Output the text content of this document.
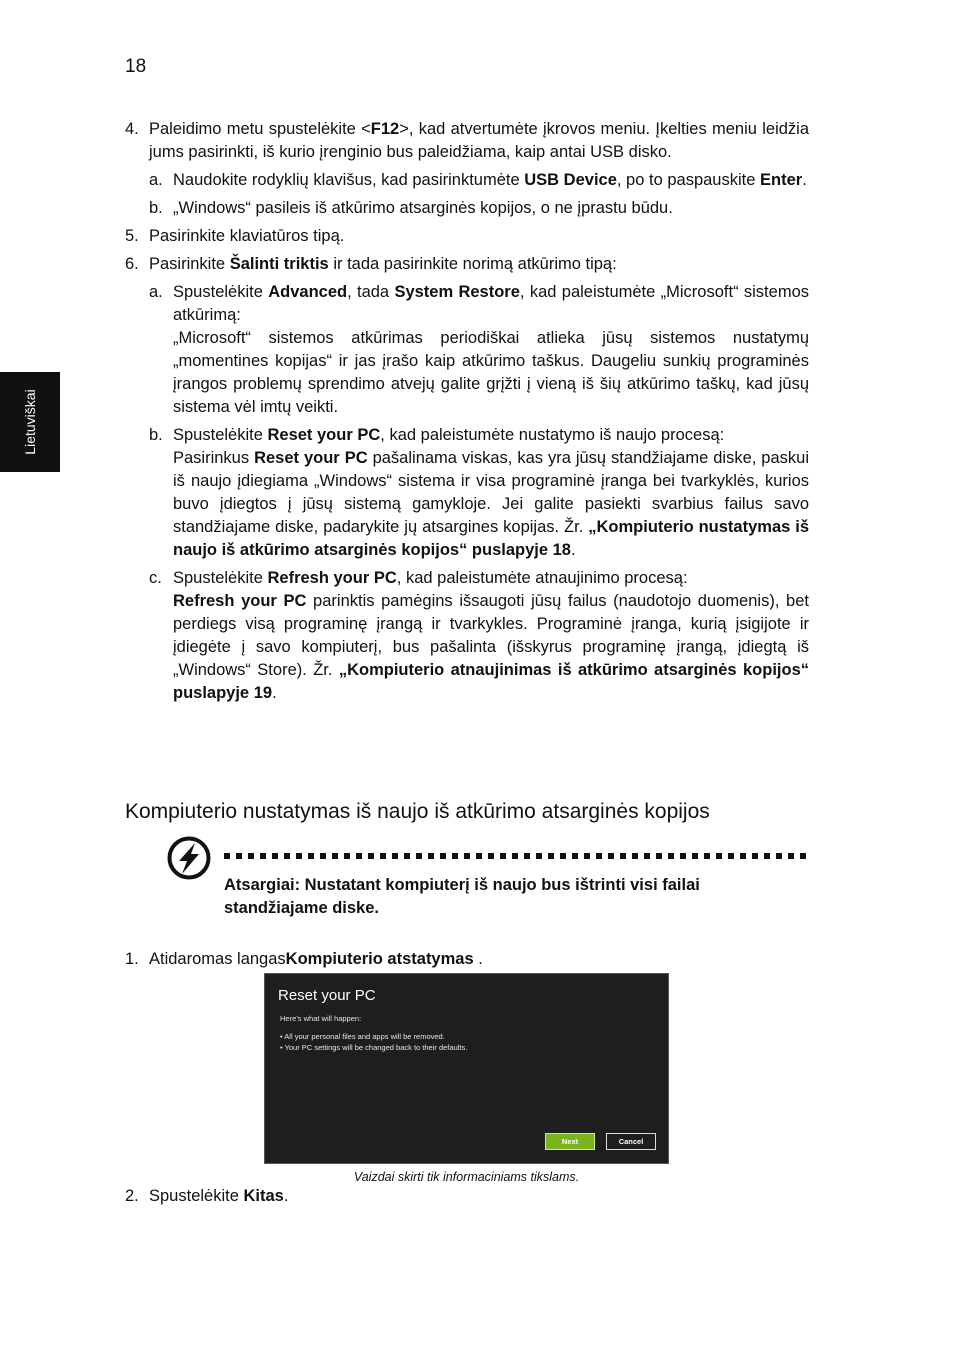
18
Lietuviškai
4. Paleidimo metu spustelėkite <F12>, kad atvertumėte įkrovos meniu. Įkelties meniu leidžia jums pasirinkti, iš kurio įrenginio bus paleidžiama, kaip antai USB disko.
a. Naudokite rodyklių klavišus, kad pasirinktumėte USB Device, po to paspauskite Enter.
b. „Windows“ pasileis iš atkūrimo atsarginės kopijos, o ne įprastu būdu.
5. Pasirinkite klaviatūros tipą.
6. Pasirinkite Šalinti triktis ir tada pasirinkite norimą atkūrimo tipą:
a. Spustelėkite Advanced, tada System Restore, kad paleistumėte „Microsoft“ sistemos atkūrimą:
„Microsoft“ sistemos atkūrimas periodiškai atlieka jūsų sistemos nustatymų „momentines kopijas“ ir jas įrašo kaip atkūrimo taškus. Daugeliu sunkių programinės įrangos problemų sprendimo atvejų galite grįžti į vieną iš šių atkūrimo taškų, kad jūsų sistema vėl imtų veikti.
b. Spustelėkite Reset your PC, kad paleistumėte nustatymo iš naujo procesą:
Pasirinkus Reset your PC pašalinama viskas, kas yra jūsų standžiajame diske, paskui iš naujo įdiegiama „Windows“ sistema ir visa programinė įranga bei tvarkyklės, kurios buvo įdiegtos į jūsų sistemą gamykloje. Jei galite pasiekti svarbius failus savo standžiajame diske, padarykite jų atsargines kopijas. Žr. „Kompiuterio nustatymas iš naujo iš atkūrimo atsarginės kopijos“ puslapyje 18.
c. Spustelėkite Refresh your PC, kad paleistumėte atnaujinimo procesą:
Refresh your PC parinktis pamėgins išsaugoti jūsų failus (naudotojo duomenis), bet perdiegs visą programinę įrangą ir tvarkykles. Programinė įranga, kurią įsigijote ir įdiegėte į savo kompiuterį, bus pašalinta (išskyrus programinę įrangą, įdiegtą iš „Windows“ Store). Žr. „Kompiuterio atnaujinimas iš atkūrimo atsarginės kopijos“ puslapyje 19.
Kompiuterio nustatymas iš naujo iš atkūrimo atsarginės kopijos
Atsargiai: Nustatant kompiuterį iš naujo bus ištrinti visi failai standžiajame diske.
1. Atidaromas langasKompiuterio atstatymas .
Reset your PC
Here’s what will happen:
• All your personal files and apps will be removed.
• Your PC settings will be changed back to their defaults.
Next	Cancel
Vaizdai skirti tik informaciniams tikslams.
2. Spustelėkite Kitas.
